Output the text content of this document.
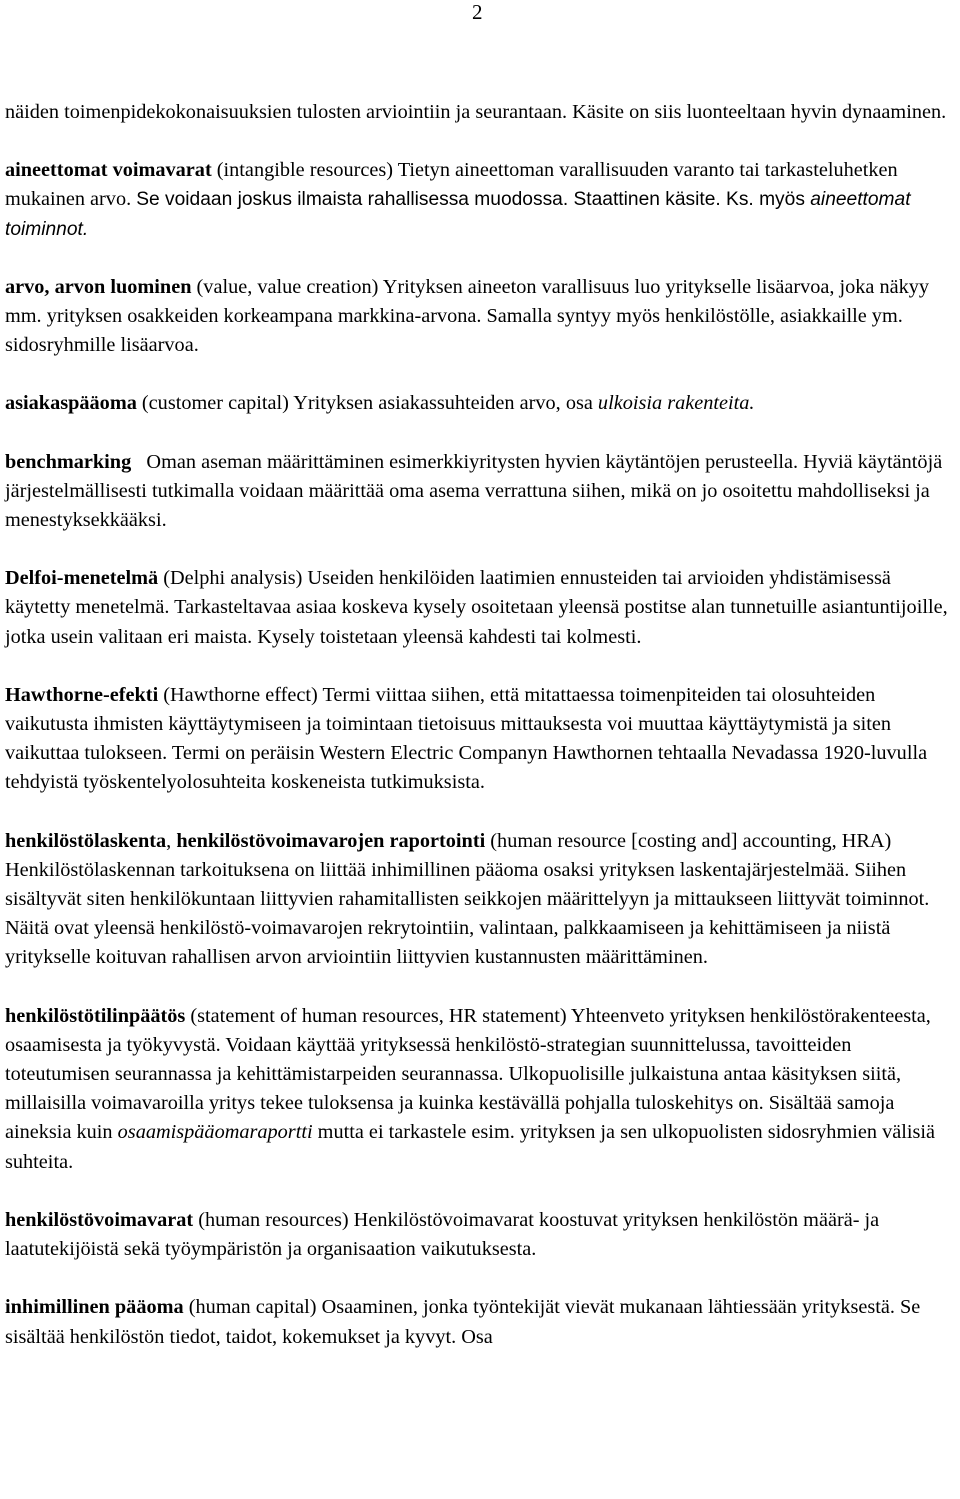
2

näiden toimenpidekokonaisuuksien tulosten arviointiin ja seurantaan. Käsite on siis luonteeltaan hyvin dynaaminen.

aineettomat voimavarat (intangible resources) Tietyn aineettoman varallisuuden varanto tai tarkasteluhetken mukainen arvo. Se voidaan joskus ilmaista rahallisessa muodossa. Staattinen käsite. Ks. myös aineettomat toiminnot.

arvo, arvon luominen (value, value creation) Yrityksen aineeton varallisuus luo yritykselle lisäarvoa, joka näkyy mm. yrityksen osakkeiden korkeampana markkina-arvona. Samalla syntyy myös henkilöstölle, asiakkaille ym. sidosryhmille lisäarvoa.

asiakaspääoma (customer capital) Yrityksen asiakassuhteiden arvo, osa ulkoisia rakenteita.

benchmarking   Oman aseman määrittäminen esimerkkiyritysten hyvien käytäntöjen perusteella. Hyviä käytäntöjä järjestelmällisesti tutkimalla voidaan määrittää oma asema verrattuna siihen, mikä on jo osoitettu mahdolliseksi ja menestyksekkääksi.

Delfoi-menetelmä (Delphi analysis) Useiden henkilöiden laatimien ennusteiden tai arvioiden yhdistämisessä käytetty menetelmä. Tarkasteltavaa asiaa koskeva kysely osoitetaan yleensä postitse alan tunnetuille asiantuntijoille, jotka usein valitaan eri maista. Kysely toistetaan yleensä kahdesti tai kolmesti.

Hawthorne-efekti (Hawthorne effect) Termi viittaa siihen, että mitattaessa toimenpiteiden tai olosuhteiden vaikutusta ihmisten käyttäytymiseen ja toimintaan tietoisuus mittauksesta voi muuttaa käyttäytymistä ja siten vaikuttaa tulokseen. Termi on peräisin Western Electric Companyn Hawthornen tehtaalla Nevadassa 1920-luvulla tehdyistä työskentelyolosuhteita koskeneista tutkimuksista.

henkilöstölaskenta, henkilöstövoimavarojen raportointi (human resource [costing and] accounting, HRA) Henkilöstölaskennan tarkoituksena on liittää inhimillinen pääoma osaksi yrityksen laskentajärjestelmää. Siihen sisältyvät siten henkilökuntaan liittyvien rahamitallisten seikkojen määrittelyyn ja mittaukseen liittyvät toiminnot. Näitä ovat yleensä henkilöstö-voimavarojen rekrytointiin, valintaan, palkkaamiseen ja kehittämiseen ja niistä yritykselle koituvan rahallisen arvon arviointiin liittyvien kustannusten määrittäminen.

henkilöstötilinpäätös (statement of human resources, HR statement) Yhteenveto yrityksen henkilöstörakenteesta, osaamisesta ja työkyvystä. Voidaan käyttää yrityksessä henkilöstö-strategian suunnittelussa, tavoitteiden toteutumisen seurannassa ja kehittämistarpeiden seurannassa. Ulkopuolisille julkaistuna antaa käsityksen siitä, millaisilla voimavaroilla yritys tekee tuloksensa ja kuinka kestävällä pohjalla tuloskehitys on. Sisältää samoja aineksia kuin osaamispääomaraportti mutta ei tarkastele esim. yrityksen ja sen ulkopuolisten sidosryhmien välisiä suhteita.

henkilöstövoimavarat (human resources) Henkilöstövoimavarat koostuvat yrityksen henkilöstön määrä- ja laatutekijöistä sekä työympäristön ja organisaation vaikutuksesta.

inhimillinen pääoma (human capital) Osaaminen, jonka työntekijät vievät mukanaan lähtiessään yrityksestä. Se sisältää henkilöstön tiedot, taidot, kokemukset ja kyvyt. Osa
